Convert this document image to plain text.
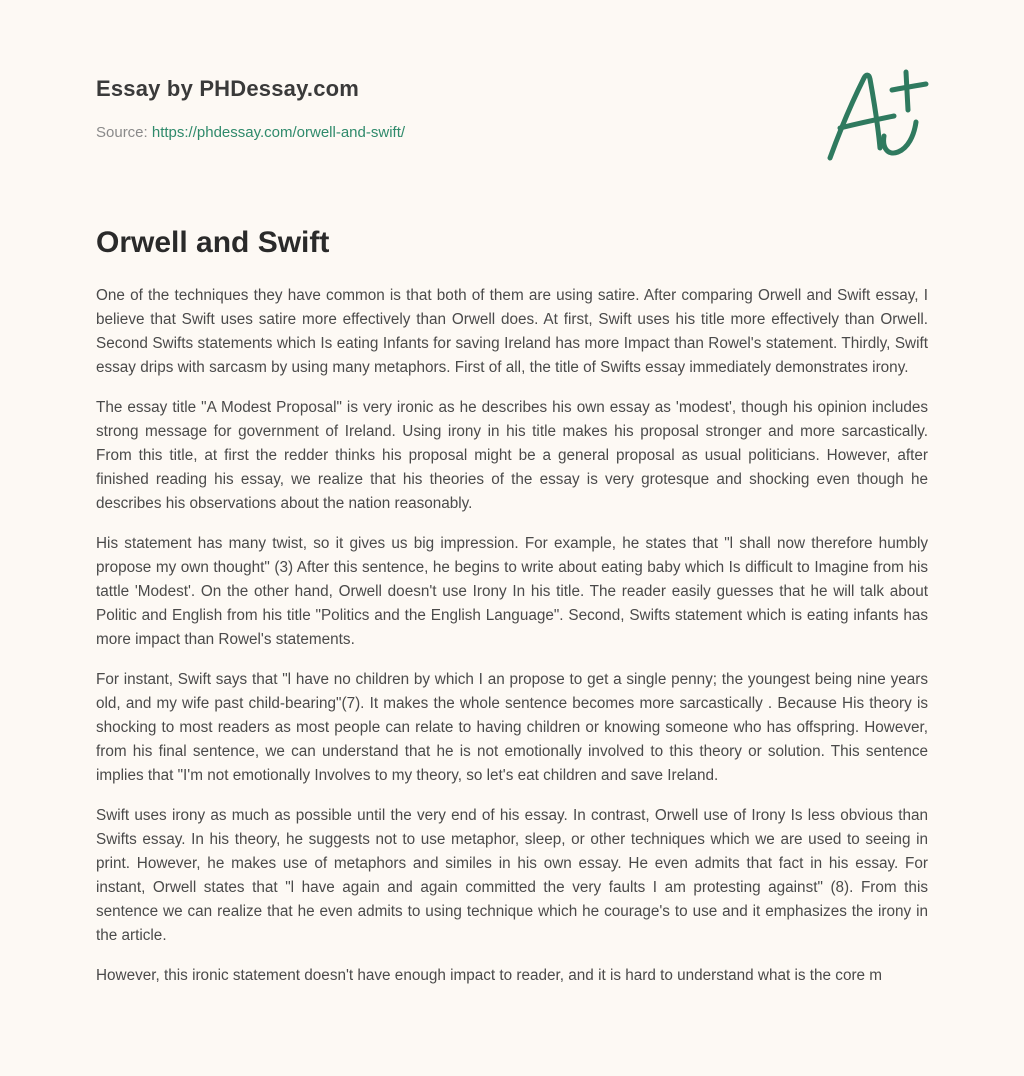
Essay by PHDessay.com
Source: https://phdessay.com/orwell-and-swift/
Orwell and Swift

One of the techniques they have common is that both of them are using satire. After comparing Orwell and Swift essay, I believe that Swift uses satire more effectively than Orwell does. At first, Swift uses his title more effectively than Orwell. Second Swifts statements which Is eating Infants for saving Ireland has more Impact than Rowel's statement. Thirdly, Swift essay drips with sarcasm by using many metaphors. First of all, the title of Swifts essay immediately demonstrates irony.

The essay title "A Modest Proposal" is very ironic as he describes his own essay as 'modest', though his opinion includes strong message for government of Ireland. Using irony in his title makes his proposal stronger and more sarcastically. From this title, at first the redder thinks his proposal might be a general proposal as usual politicians. However, after finished reading his essay, we realize that his theories of the essay is very grotesque and shocking even though he describes his observations about the nation reasonably.

His statement has many twist, so it gives us big impression. For example, he states that "l shall now therefore humbly propose my own thought" (3) After this sentence, he begins to write about eating baby which Is difficult to Imagine from his tattle 'Modest'. On the other hand, Orwell doesn't use Irony In his title. The reader easily guesses that he will talk about Politic and English from his title "Politics and the English Language". Second, Swifts statement which is eating infants has more impact than Rowel's statements.

For instant, Swift says that "l have no children by which I an propose to get a single penny; the youngest being nine years old, and my wife past child-bearing"(7). It makes the whole sentence becomes more sarcastically . Because His theory is shocking to most readers as most people can relate to having children or knowing someone who has offspring. However, from his final sentence, we can understand that he is not emotionally involved to this theory or solution. This sentence implies that "I'm not emotionally Involves to my theory, so let's eat children and save Ireland.

Swift uses irony as much as possible until the very end of his essay. In contrast, Orwell use of Irony Is less obvious than Swifts essay. In his theory, he suggests not to use metaphor, sleep, or other techniques which we are used to seeing in print. However, he makes use of metaphors and similes in his own essay. He even admits that fact in his essay. For instant, Orwell states that "l have again and again committed the very faults I am protesting against" (8). From this sentence we can realize that he even admits to using technique which he courage's to use and it emphasizes the irony in the article.

However, this ironic statement doesn't have enough impact to reader, and it is hard to understand what is the core m
